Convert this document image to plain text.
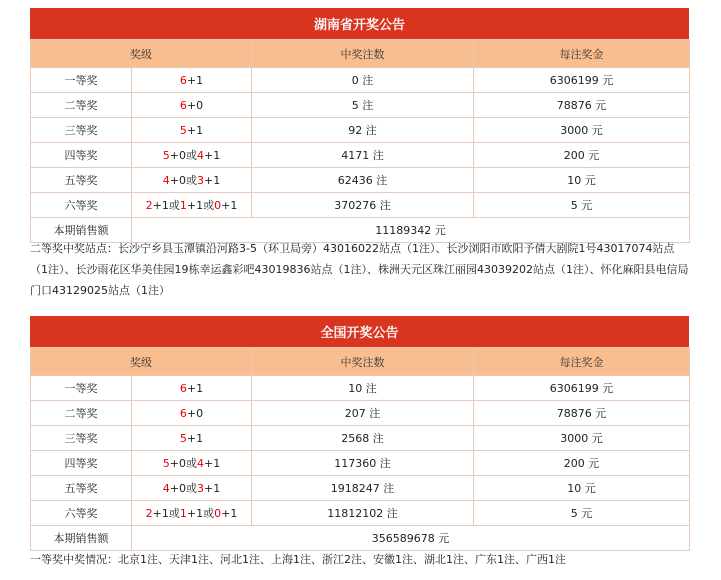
湖南省开奖公告
奖级		中奖注数	每注奖金
一等奖	6+1	0 注	6306199 元
二等奖	6+0	5 注	78876 元
三等奖	5+1	92 注	3000 元
四等奖	5+0或4+1	4171 注	200 元
五等奖	4+0或3+1	62436 注	10 元
六等奖	2+1或1+1或0+1	370276 注	5 元
本期销售额	11189342 元		
二等奖中奖站点：长沙宁乡县玉潭镇沿河路3-5（环卫局旁）43016022站点（1注）、长沙浏阳市欧阳予倩大剧院1号43017074站点（1注）、长沙雨花区华美佳园19栋幸运鑫彩吧43019836站点（1注）、株洲天元区珠江丽园43039202站点（1注）、怀化麻阳县电信局门口43129025站点（1注）
全国开奖公告
奖级		中奖注数	每注奖金
一等奖	6+1	10 注	6306199 元
二等奖	6+0	207 注	78876 元
三等奖	5+1	2568 注	3000 元
四等奖	5+0或4+1	117360 注	200 元
五等奖	4+0或3+1	1918247 注	10 元
六等奖	2+1或1+1或0+1	11812102 注	5 元
本期销售额	356589678 元		
一等奖中奖情况：北京1注、天津1注、河北1注、上海1注、浙江2注、安徽1注、湖北1注、广东1注、广西1注
